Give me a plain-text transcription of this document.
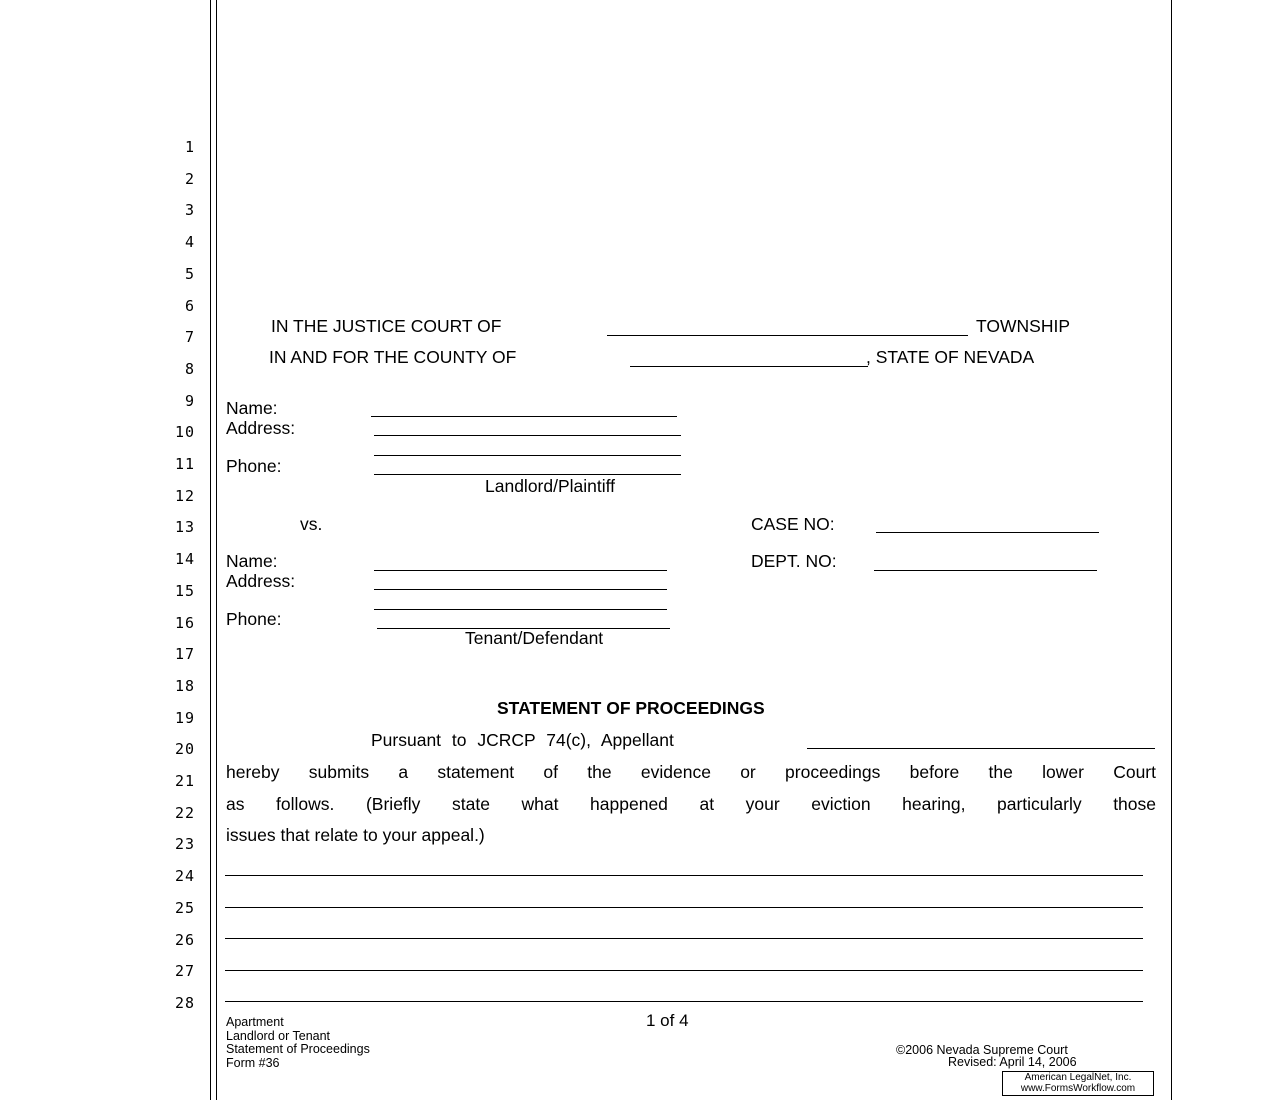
1
2
3
4
5
6
7
8
9
10
11
12
13
14
15
16
17
18
19
20
21
22
23
24
25
26
27
28
IN THE JUSTICE COURT OF	TOWNSHIP
IN AND FOR THE COUNTY OF	, STATE OF NEVADA
Name:
Address:
Phone:
Landlord/Plaintiff
vs.	CASE NO:
DEPT. NO:
Name:
Address:
Phone:
Tenant/Defendant
STATEMENT OF PROCEEDINGS
Pursuant to JCRCP 74(c), Appellant
hereby submits a statement of the evidence or proceedings before the lower Court
as follows. (Briefly state what happened at your eviction hearing, particularly those
issues that relate to your appeal.)
Apartment
Landlord or Tenant
Statement of Proceedings
Form #36
1 of 4
©2006 Nevada Supreme Court
Revised: April 14, 2006
American LegalNet, Inc.
www.FormsWorkflow.com
